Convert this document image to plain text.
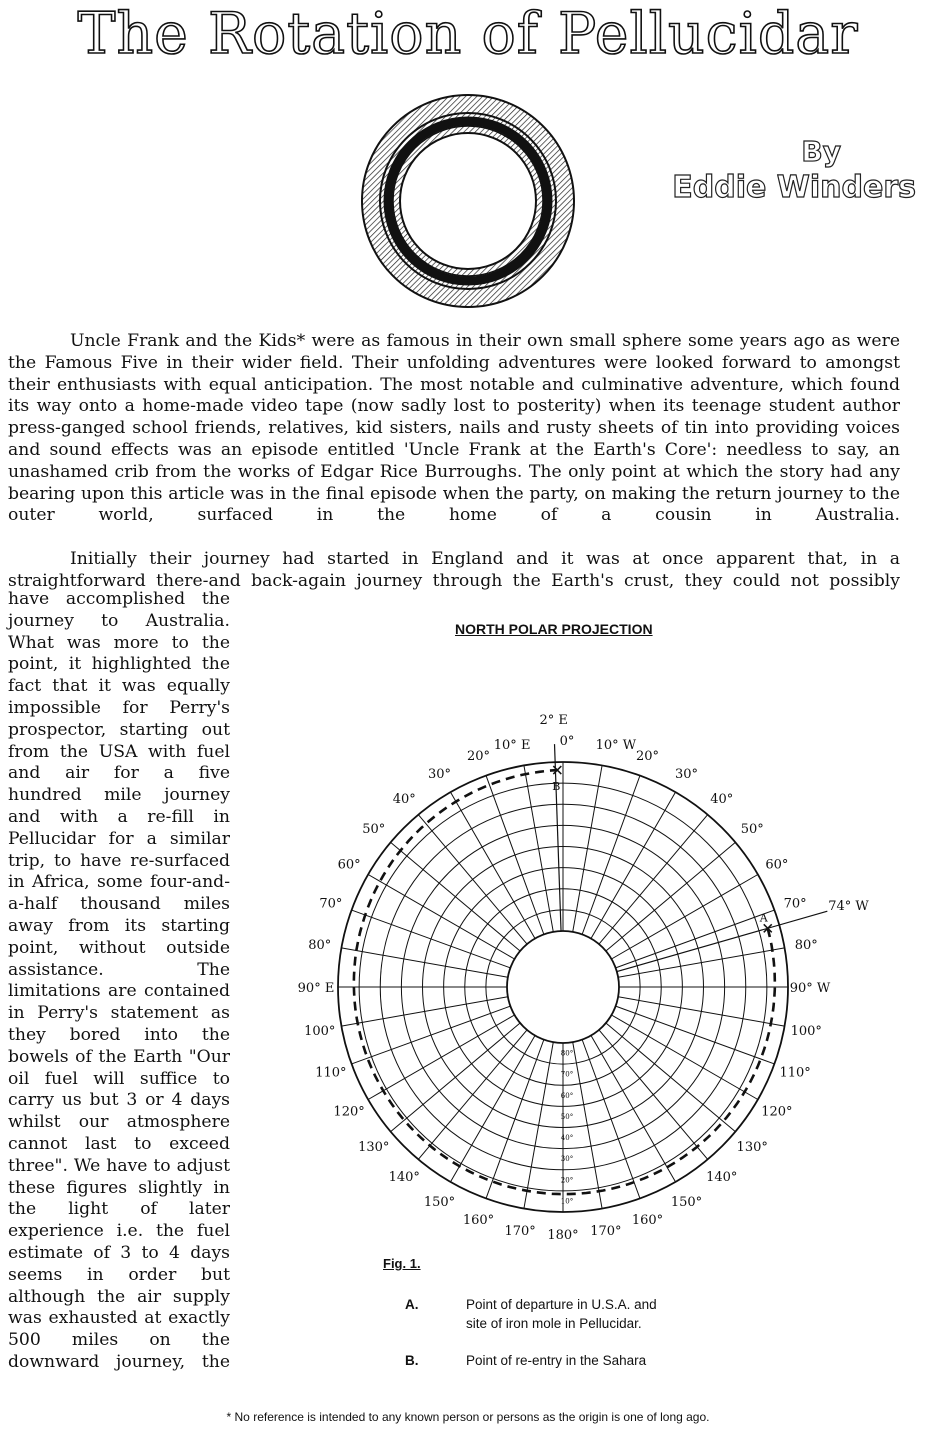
The Rotation of Pellucidar
By
Eddie Winders

Uncle Frank and the Kids* were as famous in their own small sphere some years ago as were the Famous Five in their wider field. Their unfolding adventures were looked forward to amongst their enthusiasts with equal anticipation. The most notable and culminative adventure, which found its way onto a home-made video tape (now sadly lost to posterity) when its teenage student author press-ganged school friends, relatives, kid sisters, nails and rusty sheets of tin into providing voices and sound effects was an episode entitled 'Uncle Frank at the Earth's Core': needless to say, an unashamed crib from the works of Edgar Rice Burroughs. The only point at which the story had any bearing upon this article was in the final episode when the party, on making the return journey to the outer world, surfaced in the home of a cousin in Australia.

Initially their journey had started in England and it was at once apparent that, in a straightforward there-and back-again journey through the Earth's crust, they could not possibly

have accomplished the journey to Australia. What was more to the point, it highlighted the fact that it was equally impossible for Perry's prospector, starting out from the USA with fuel and air for a five hundred mile journey and with a re-fill in Pellucidar for a similar trip, to have re-surfaced in Africa, some four-and-a-half thousand miles away from its starting point, without outside assistance. The limitations are contained in Perry's statement as they bored into the bowels of the Earth "Our oil fuel will suffice to carry us but 3 or 4 days whilst our atmosphere cannot last to exceed three". We have to adjust these figures slightly in the light of later experience i.e. the fuel estimate of 3 to 4 days seems in order but although the air supply was exhausted at exactly 500 miles on the downward journey, the

NORTH POLAR PROJECTION
2° E
10° E 0° 10° W
20°	20°
30°	30°
40°	40°
50°	50°
60°	60°
70°	70° 74° W
80°	80°
90° E	90° W
100°	100°
110°	110°
120°	120°
130°	130°
140°	140°
150°	150°
160°	160°
170°	170°
180°
80°
70°
60°
50°
40°
30°
20°
10°
A
B
Fig. 1.
A.	Point of departure in U.S.A. and
site of iron mole in Pellucidar.
B.	Point of re-entry in the Sahara
* No reference is intended to any known person or persons as the origin is one of long ago.
